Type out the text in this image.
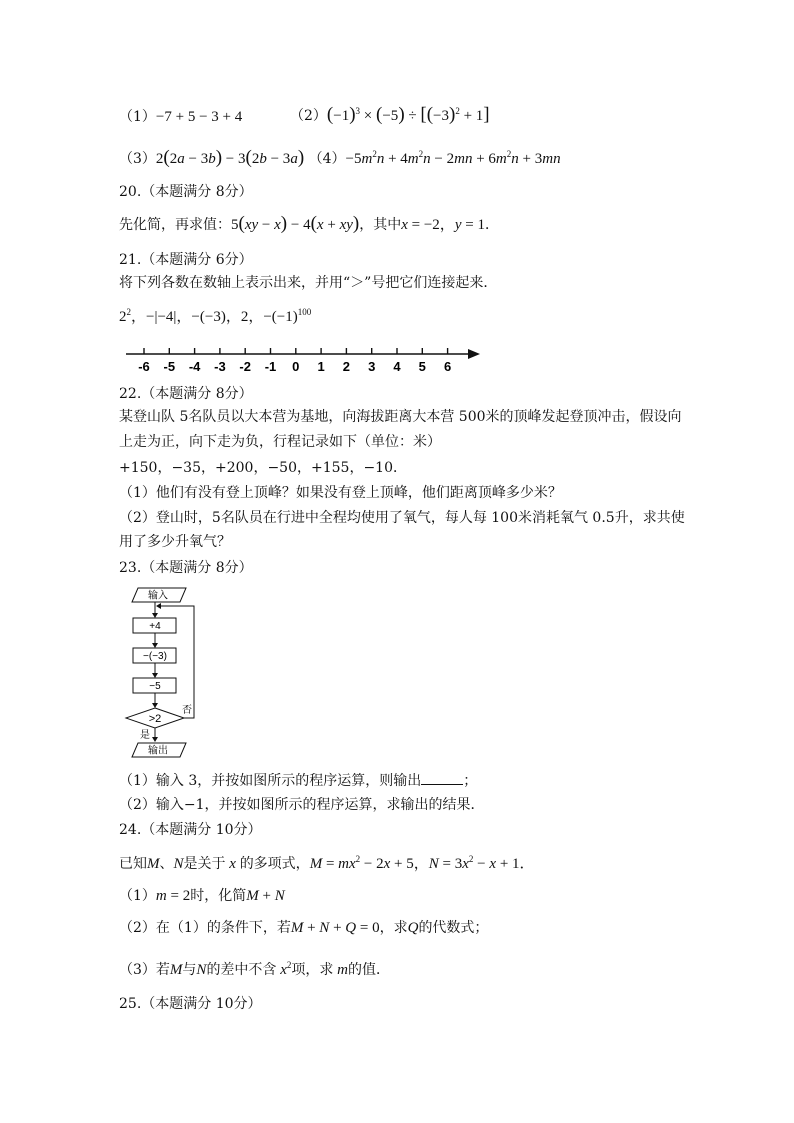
（1）−7 + 5 − 3 + 4	$(2)(-1)^3 \times (-5) \div [(-3)^2 + 1]$
（3）2(2a − 3b) − 3(2b − 3a) $(4)-5m^2n + 4m^2n - 2mn + 6m^2n + 3mn$
20.（本题满分 8分）
先化简，再求值：5(xy − x) − 4(x + xy)，其中x = −2，y = 1．
21.（本题满分 6分）
将下列各数在数轴上表示出来，并用“＞”号把它们连接起来．
$2^2$，−|−4|，−(−3)，2，$-(-1)^{100}$
-6 -5 -4 -3 -2 -1 0 1 2 3 4 5 6
22.（本题满分 8分）
某登山队 5名队员以大本营为基地，向海拔距离大本营 500米的顶峰发起登顶冲击，假设向
上走为正，向下走为负，行程记录如下（单位：米）
+150，−35，+200，−50，+155，−10．
（1）他们有没有登上顶峰？如果没有登上顶峰，他们距离顶峰多少米？
（2）登山时，5名队员在行进中全程均使用了氧气，每人每 100米消耗氧气 0.5升，求共使
用了多少升氧气？
23.（本题满分 8分）
输入
+4
−(−3)
−5
>2
否
是
输出
（1）输入 3，并按如图所示的程序运算，则输出	；
（2）输入−1，并按如图所示的程序运算，求输出的结果．
24.（本题满分 10分）
已知M、N是关于 x 的多项式，$M = mx^2 - 2x + 5$，$N = 3x^2 - x + 1$．
（1）m = 2时，化简M + N
（2）在（1）的条件下，若M + N + Q = 0，求Q的代数式；
（3）若M与N的差中不含 $x^2$项，求 m的值．
25.（本题满分 10分）
